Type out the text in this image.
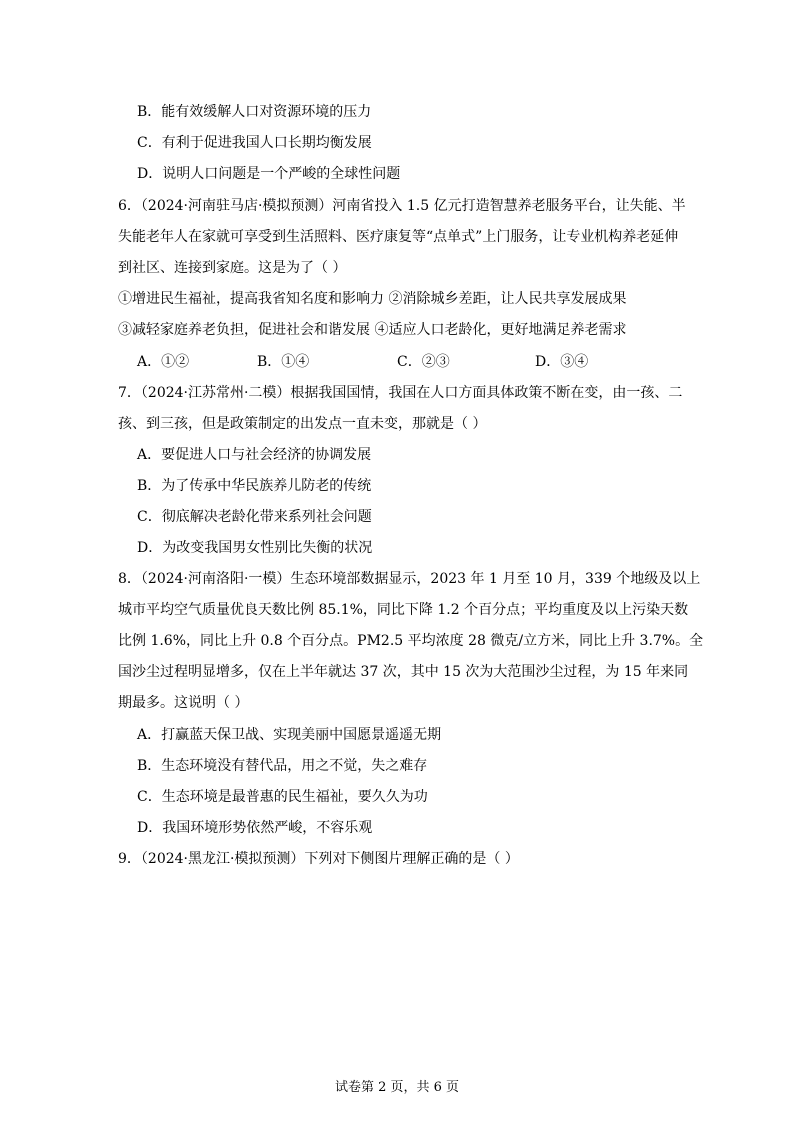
B．能有效缓解人口对资源环境的压力
C．有利于促进我国人口长期均衡发展
D．说明人口问题是一个严峻的全球性问题
6．（2024·河南驻马店·模拟预测）河南省投入 1.5 亿元打造智慧养老服务平台，让失能、半
失能老年人在家就可享受到生活照料、医疗康复等“点单式”上门服务，让专业机构养老延伸
到社区、连接到家庭。这是为了（ ）
①增进民生福祉，提高我省知名度和影响力 ②消除城乡差距，让人民共享发展成果
③减轻家庭养老负担，促进社会和谐发展 ④适应人口老龄化，更好地满足养老需求
A．①②	B．①④	C．②③	D．③④
7．（2024·江苏常州·二模）根据我国国情，我国在人口方面具体政策不断在变，由一孩、二
孩、到三孩，但是政策制定的出发点一直未变，那就是（ ）
A．要促进人口与社会经济的协调发展
B．为了传承中华民族养儿防老的传统
C．彻底解决老龄化带来系列社会问题
D．为改变我国男女性别比失衡的状况
8．（2024·河南洛阳·一模）生态环境部数据显示，2023 年 1 月至 10 月，339 个地级及以上
城市平均空气质量优良天数比例 85.1%，同比下降 1.2 个百分点；平均重度及以上污染天数
比例 1.6%，同比上升 0.8 个百分点。PM2.5 平均浓度 28 微克/立方米，同比上升 3.7%。全
国沙尘过程明显增多，仅在上半年就达 37 次，其中 15 次为大范围沙尘过程，为 15 年来同
期最多。这说明（ ）
A．打赢蓝天保卫战、实现美丽中国愿景遥遥无期
B．生态环境没有替代品，用之不觉，失之难存
C．生态环境是最普惠的民生福祉，要久久为功
D．我国环境形势依然严峻，不容乐观
9．（2024·黑龙江·模拟预测）下列对下侧图片理解正确的是（ ）
试卷第 2 页，共 6 页
